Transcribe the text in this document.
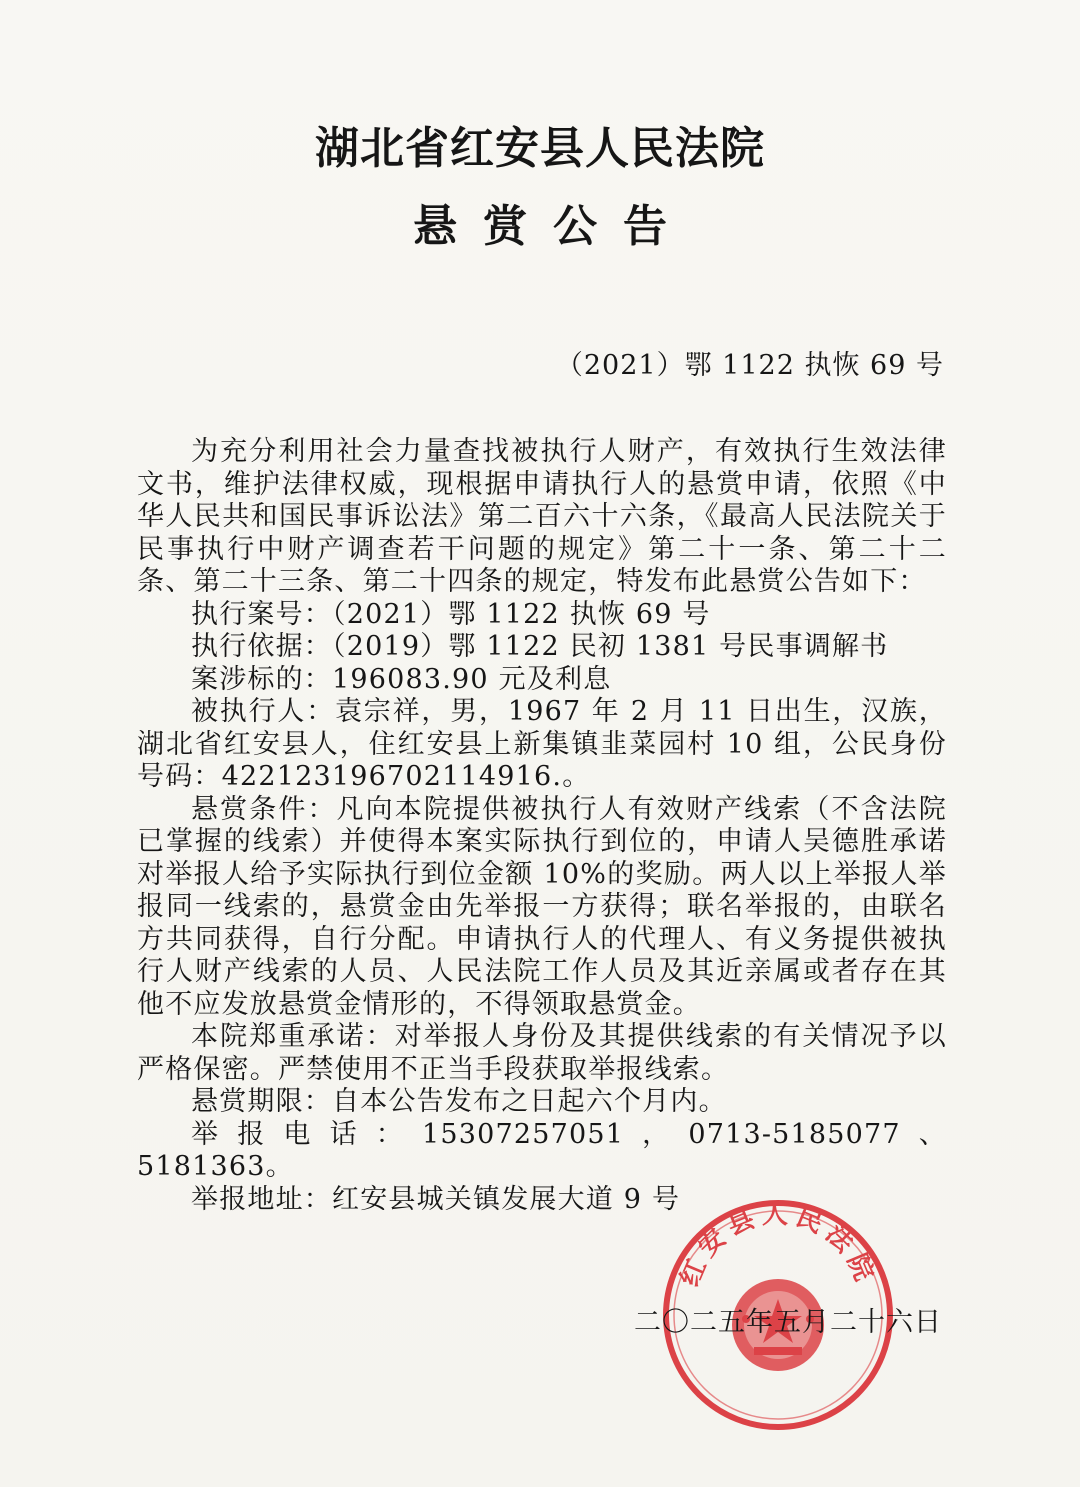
湖北省红安县人民法院
悬赏公告
（2021）鄂 1122 执恢 69 号

为充分利用社会力量查找被执行人财产，有效执行生效法律文书，维护法律权威，现根据申请执行人的悬赏申请，依照《中华人民共和国民事诉讼法》第二百六十六条，《最高人民法院关于民事执行中财产调查若干问题的规定》第二十一条、第二十二条、第二十三条、第二十四条的规定，特发布此悬赏公告如下：

执行案号：（2021）鄂 1122 执恢 69 号

执行依据：（2019）鄂 1122 民初 1381 号民事调解书

案涉标的：196083.90 元及利息

被执行人：袁宗祥，男，1967 年 2 月 11 日出生，汉族，湖北省红安县人，住红安县上新集镇韭菜园村 10 组，公民身份号码：422123196702114916.。

悬赏条件：凡向本院提供被执行人有效财产线索（不含法院已掌握的线索）并使得本案实际执行到位的，申请人吴德胜承诺对举报人给予实际执行到位金额 10%的奖励。两人以上举报人举报同一线索的，悬赏金由先举报一方获得；联名举报的，由联名方共同获得，自行分配。申请执行人的代理人、有义务提供被执行人财产线索的人员、人民法院工作人员及其近亲属或者存在其他不应发放悬赏金情形的，不得领取悬赏金。

本院郑重承诺：对举报人身份及其提供线索的有关情况予以严格保密。严禁使用不正当手段获取举报线索。

悬赏期限：自本公告发布之日起六个月内。

举报电话：15307257051，0713-5185077、5181363。

举报地址：红安县城关镇发展大道 9 号

红安县人民法院
二〇二五年五月二十六日
